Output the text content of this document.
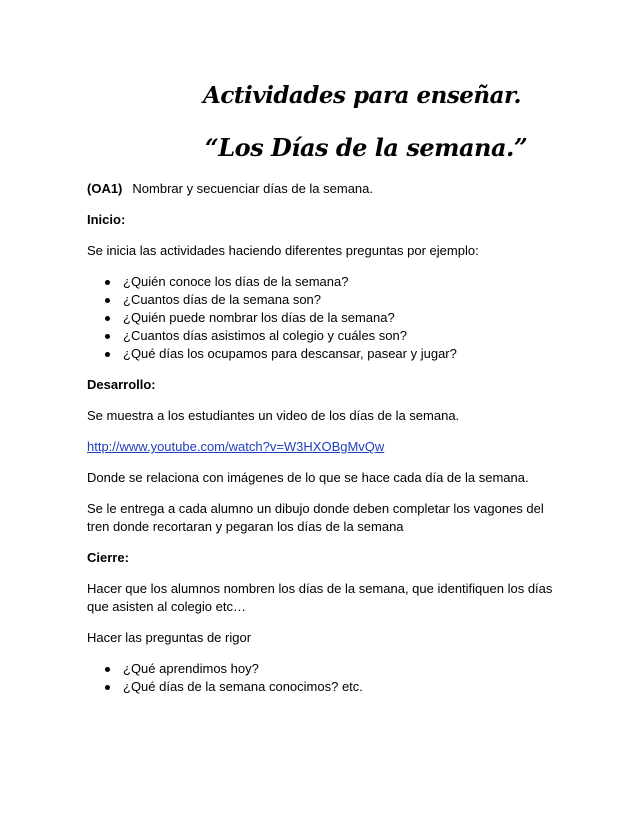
Actividades para enseñar.
“Los Días de la semana.”

(OA1) Nombrar y secuenciar días de la semana.

Inicio:

Se inicia las actividades haciendo diferentes preguntas por ejemplo:

¿Quién conoce los días de la semana?
¿Cuantos días de la semana son?
¿Quién puede nombrar los días de la semana?
¿Cuantos días asistimos al colegio y cuáles son?
¿Qué días los ocupamos para descansar, pasear y jugar?

Desarrollo:

Se muestra a los estudiantes un video de los días de la semana.

http://www.youtube.com/watch?v=W3HXOBgMvQw

Donde se relaciona con imágenes de lo que se hace cada día de la semana.

Se le entrega a cada alumno un dibujo donde deben completar los vagones del tren donde recortaran y pegaran los días de la semana

Cierre:

Hacer que los alumnos nombren los días de la semana, que identifiquen los días que asisten al colegio etc…

Hacer las preguntas de rigor

¿Qué aprendimos hoy?
¿Qué días de la semana conocimos? etc.
